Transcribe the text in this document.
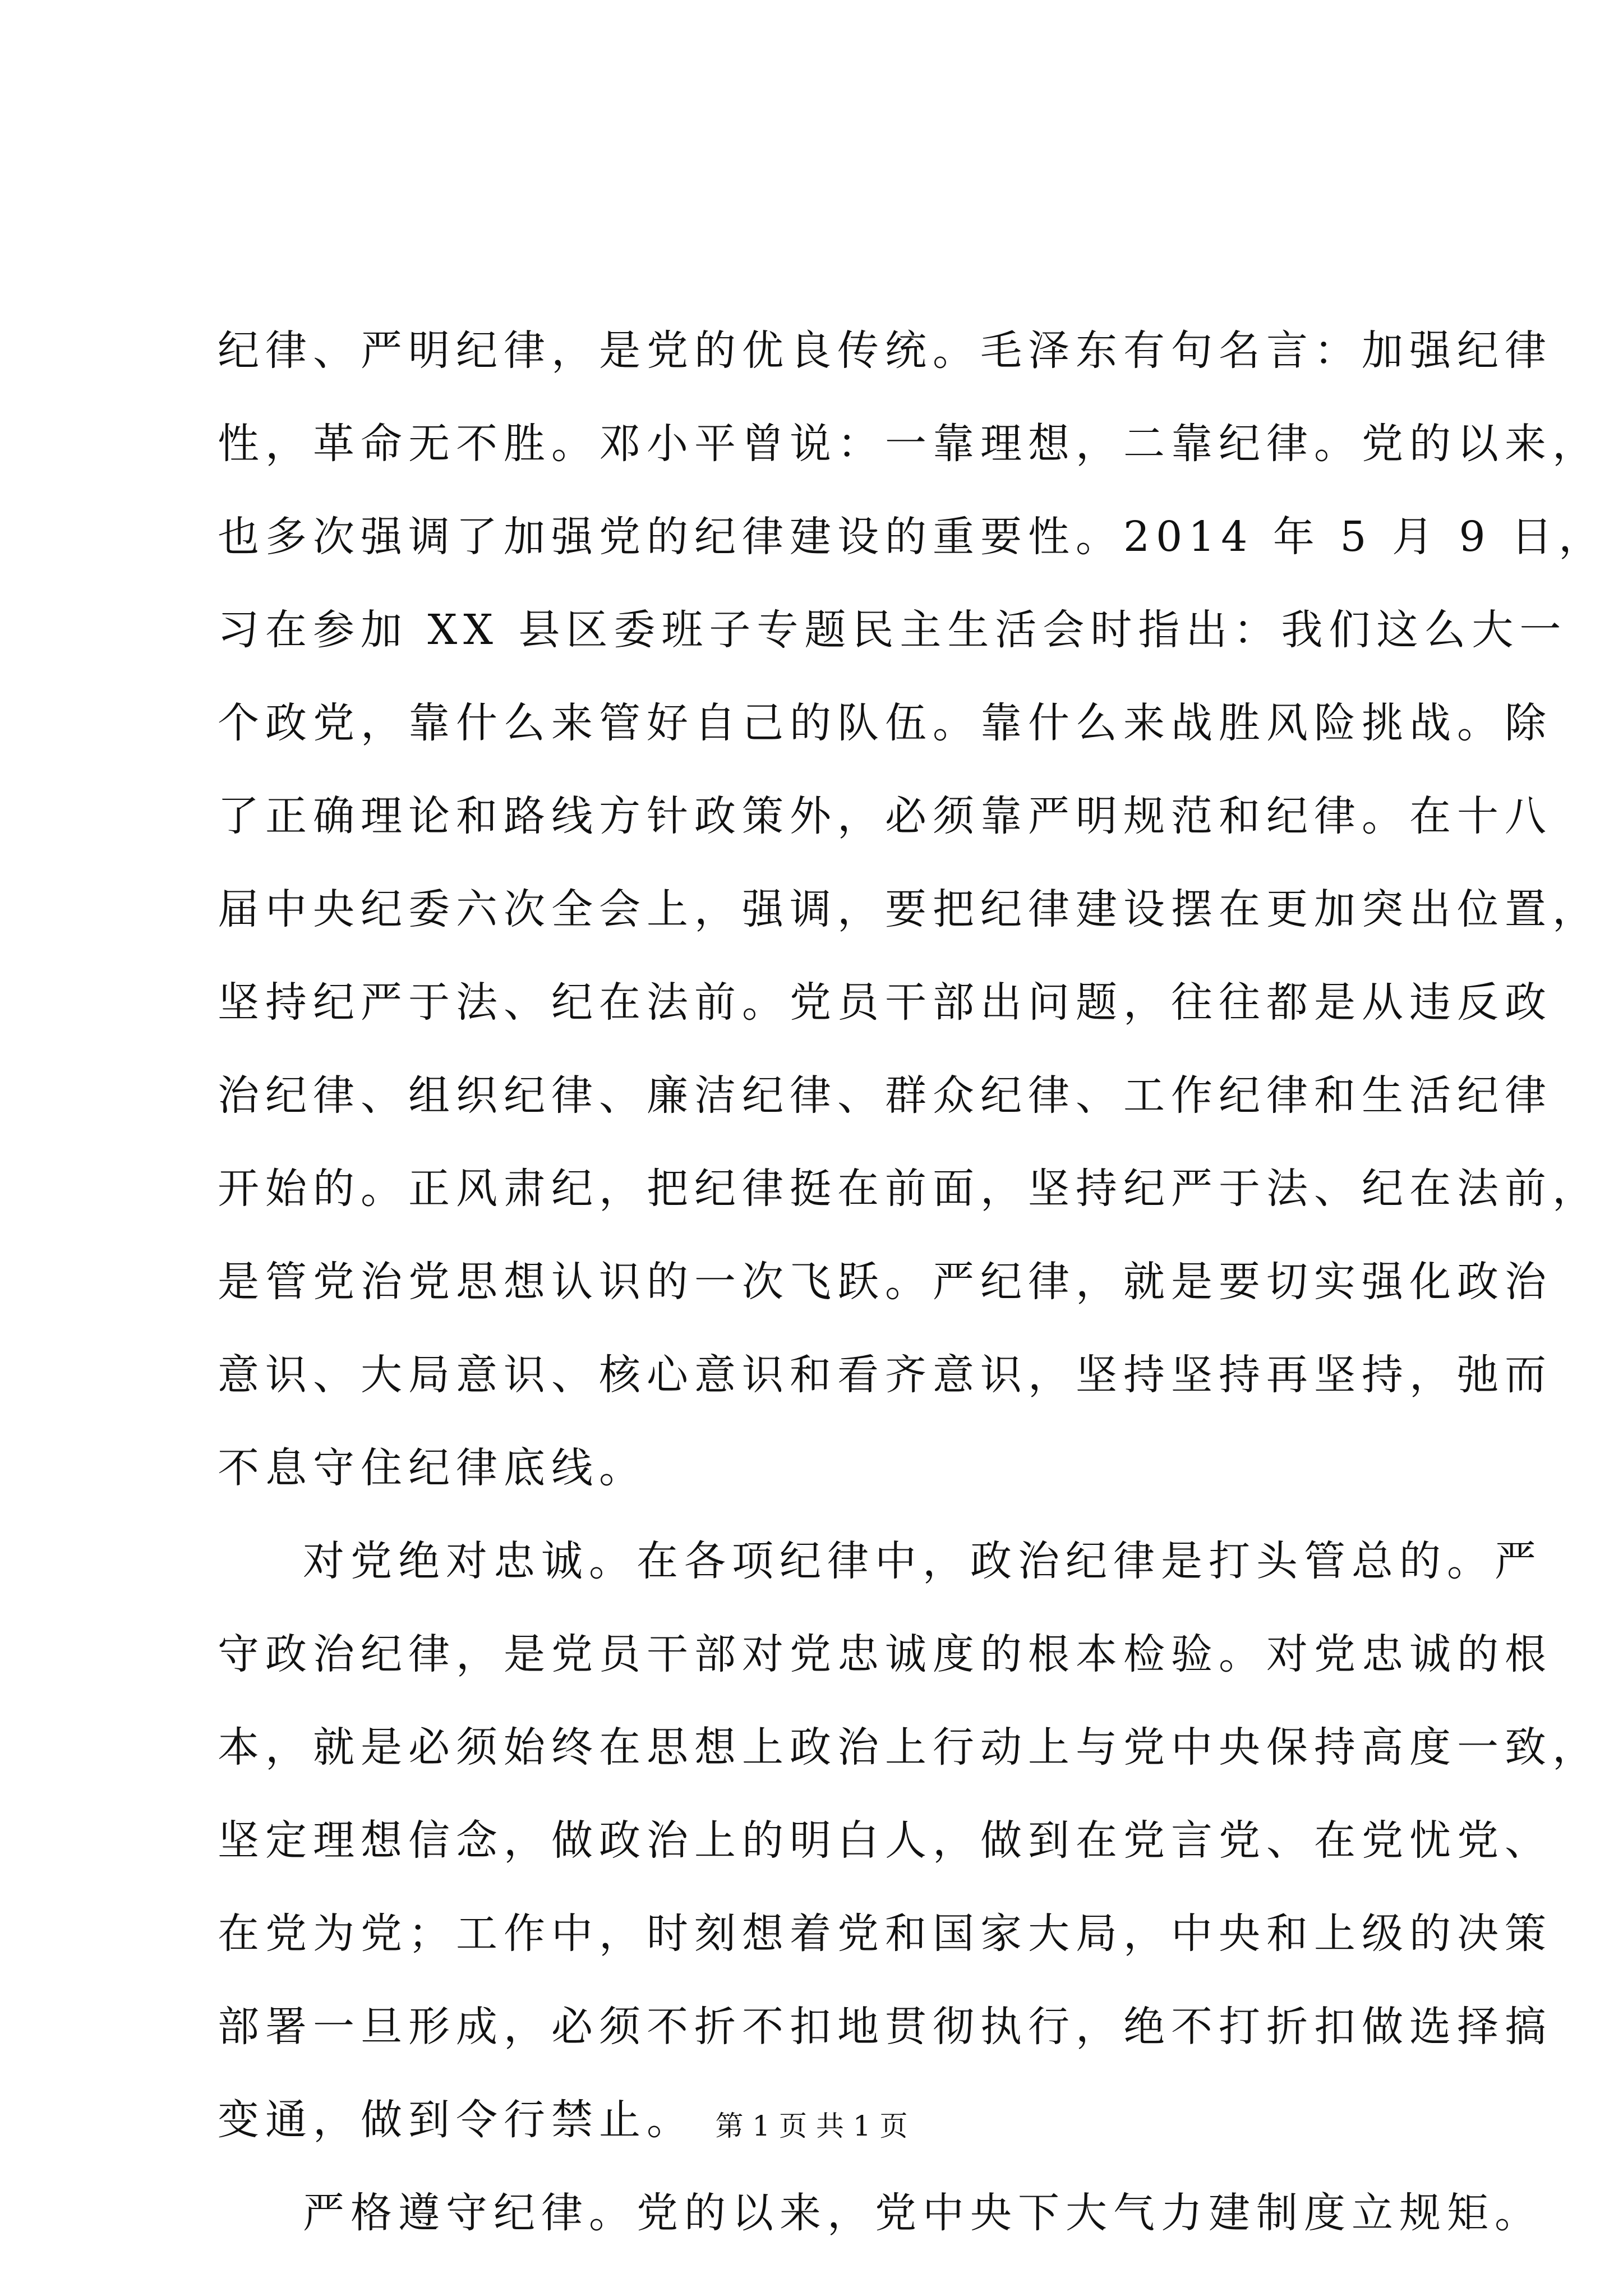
纪律、严明纪律，是党的优良传统。毛泽东有句名言：加强纪律
性，革命无不胜。邓小平曾说：一靠理想，二靠纪律。党的以来，
也多次强调了加强党的纪律建设的重要性。2014 年 5 月 9 日，
习在参加 XX 县区委班子专题民主生活会时指出：我们这么大一
个政党，靠什么来管好自己的队伍。靠什么来战胜风险挑战。除
了正确理论和路线方针政策外，必须靠严明规范和纪律。在十八
届中央纪委六次全会上，强调，要把纪律建设摆在更加突出位置，
坚持纪严于法、纪在法前。党员干部出问题，往往都是从违反政
治纪律、组织纪律、廉洁纪律、群众纪律、工作纪律和生活纪律
开始的。正风肃纪，把纪律挺在前面，坚持纪严于法、纪在法前，
是管党治党思想认识的一次飞跃。严纪律，就是要切实强化政治
意识、大局意识、核心意识和看齐意识，坚持坚持再坚持，弛而
不息守住纪律底线。
对党绝对忠诚。在各项纪律中，政治纪律是打头管总的。严
守政治纪律，是党员干部对党忠诚度的根本检验。对党忠诚的根
本，就是必须始终在思想上政治上行动上与党中央保持高度一致，
坚定理想信念，做政治上的明白人，做到在党言党、在党忧党、
在党为党；工作中，时刻想着党和国家大局，中央和上级的决策
部署一旦形成，必须不折不扣地贯彻执行，绝不打折扣做选择搞
变通，做到令行禁止。
严格遵守纪律。党的以来，党中央下大气力建制度立规矩。
第 1 页 共 1 页
